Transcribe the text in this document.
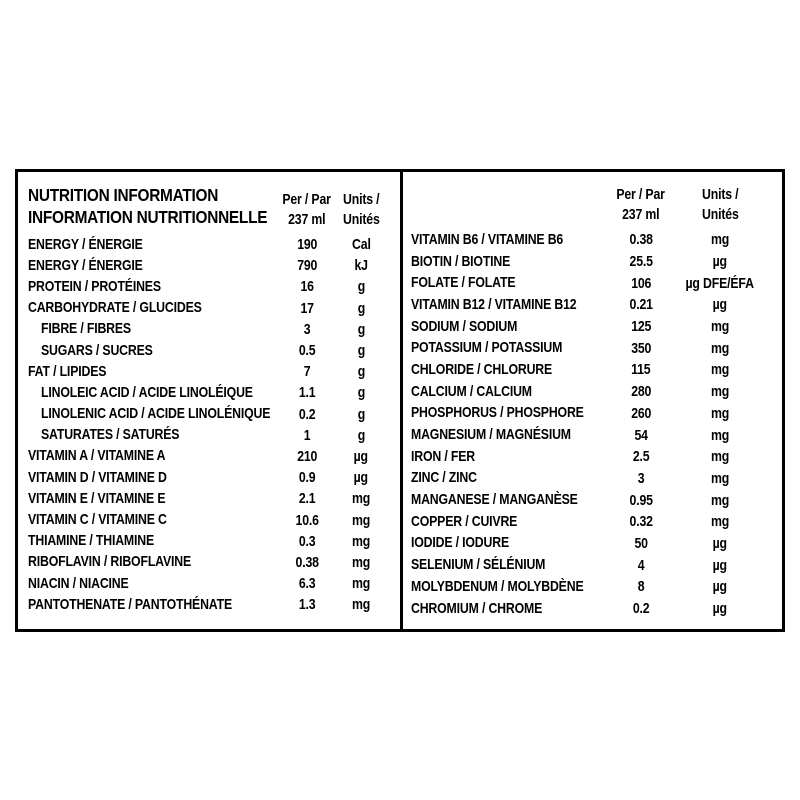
NUTRITION INFORMATION
INFORMATION NUTRITIONNELLE
Per / Par
237 ml
Units /
Unités
ENERGY / ÉNERGIE	190 Cal
ENERGY / ÉNERGIE	790 kJ
PROTEIN / PROTÉINES	16	g
CARBOHYDRATE / GLUCIDES	17	g
FIBRE / FIBRES	3	g
SUGARS / SUCRES	0.5	g
FAT / LIPIDES	7	g
LINOLEIC ACID / ACIDE LINOLÉIQUE	1.1	g
LINOLENIC ACID / ACIDE LINOLÉNIQUE	0.2	g
SATURATES / SATURÉS	1	g
VITAMIN A / VITAMINE A	210 µg
VITAMIN D / VITAMINE D	0.9	µg
VITAMIN E / VITAMINE E	2.1 mg
VITAMIN C / VITAMINE C	10.6 mg
THIAMINE / THIAMINE	0.3 mg
RIBOFLAVIN / RIBOFLAVINE	0.38 mg
NIACIN / NIACINE	6.3 mg
PANTOTHENATE / PANTOTHÉNATE	1.3 mg
Per / Par
237 ml
Units /
Unités
VITAMIN B6 / VITAMINE B6	0.38	mg
BIOTIN / BIOTINE	25.5	µg
FOLATE / FOLATE	106 µg DFE/ÉFA
VITAMIN B12 / VITAMINE B12	0.21	µg
SODIUM / SODIUM	125	mg
POTASSIUM / POTASSIUM	350	mg
CHLORIDE / CHLORURE	115	mg
CALCIUM / CALCIUM	280	mg
PHOSPHORUS / PHOSPHORE	260	mg
MAGNESIUM / MAGNÉSIUM	54	mg
IRON / FER	2.5	mg
ZINC / ZINC	3	mg
MANGANESE / MANGANÈSE	0.95	mg
COPPER / CUIVRE	0.32	mg
IODIDE / IODURE	50	µg
SELENIUM / SÉLÉNIUM	4	µg
MOLYBDENUM / MOLYBDÈNE	8	µg
CHROMIUM / CHROME	0.2	µg
